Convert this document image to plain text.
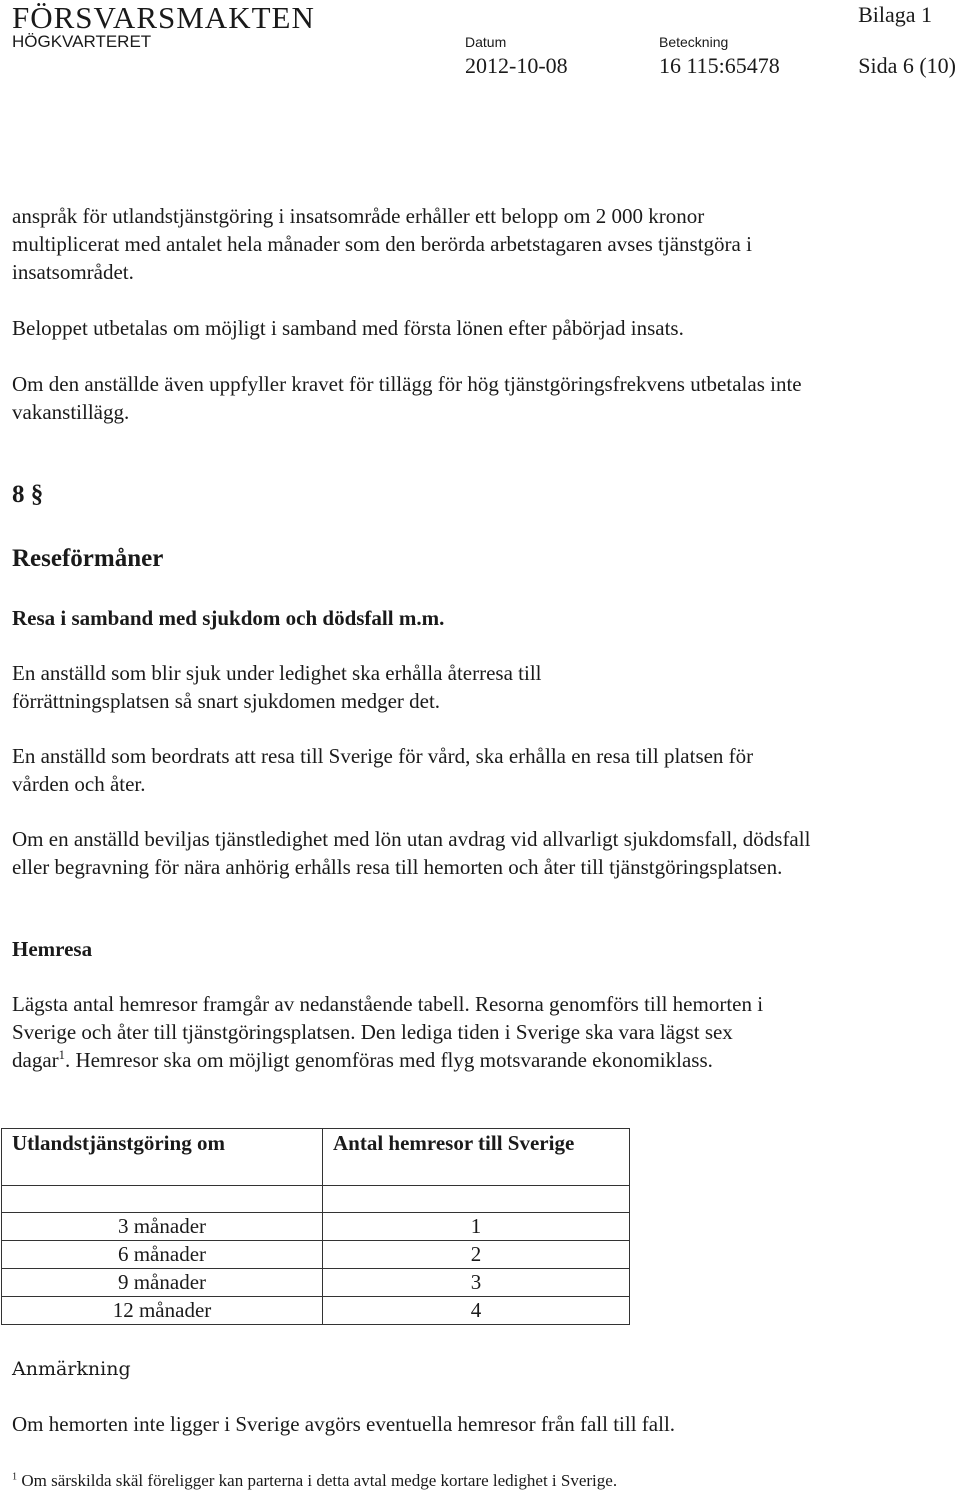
FÖRSVARSMAKTEN
HÖGKVARTERET	Datum
2012-10-08
Beteckning
16 115:65478
Bilaga 1
Sida 6 (10)

anspråk för utlandstjänstgöring i insatsområde erhåller ett belopp om 2 000 kronor multiplicerat med antalet hela månader som den berörda arbetstagaren avses tjänstgöra i insatsområdet.

Beloppet utbetalas om möjligt i samband med första lönen efter påbörjad insats.

Om den anställde även uppfyller kravet för tillägg för hög tjänstgöringsfrekvens utbetalas inte vakanstillägg.

8 §
Reseförmåner
Resa i samband med sjukdom och dödsfall m.m.

En anställd som blir sjuk under ledighet ska erhålla återresa till förrättningsplatsen så snart sjukdomen medger det.

En anställd som beordrats att resa till Sverige för vård, ska erhålla en resa till platsen för vården och åter.

Om en anställd beviljas tjänstledighet med lön utan avdrag vid allvarligt sjukdomsfall, dödsfall eller begravning för nära anhörig erhålls resa till hemorten och åter till tjänstgöringsplatsen.

Hemresa

Lägsta antal hemresor framgår av nedanstående tabell. Resorna genomförs till hemorten i Sverige och åter till tjänstgöringsplatsen. Den lediga tiden i Sverige ska vara lägst sex dagar$^1$. Hemresor ska om möjligt genomföras med flyg motsvarande ekonomiklass.

Utlandstjänstgöring om	Antal hemresor till Sverige

3 månader	1
6 månader	2
9 månader	3
12 månader	4

Anmärkning

Om hemorten inte ligger i Sverige avgörs eventuella hemresor från fall till fall.

$^1$ Om särskilda skäl föreligger kan parterna i detta avtal medge kortare ledighet i Sverige.
